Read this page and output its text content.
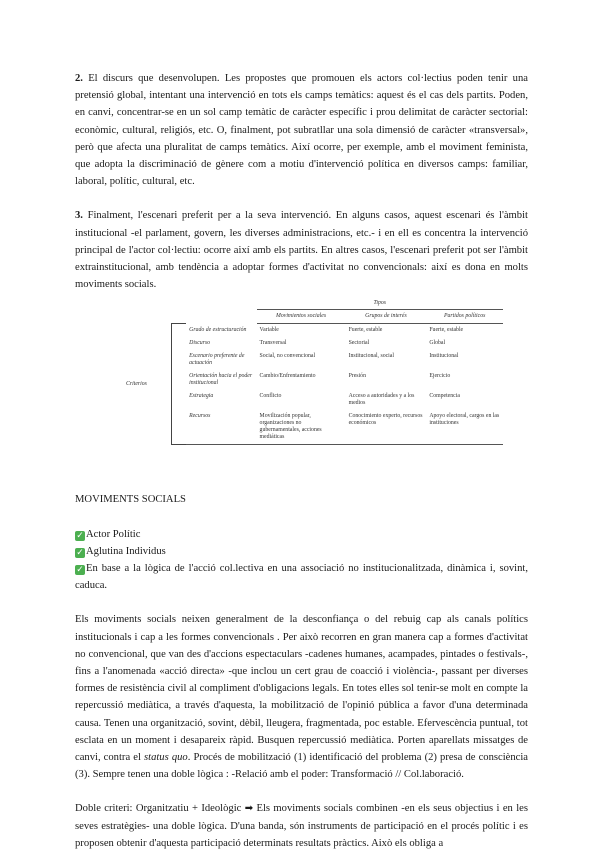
2. El discurs que desenvolupen. Les propostes que promouen els actors col·lectius poden tenir una pretensió global, intentant una intervenció en tots els camps temàtics: aquest és el cas dels partits. Poden, en canvi, concentrar-se en un sol camp temàtic de caràcter específic i prou delimitat de caràcter sectorial: econòmic, cultural, religiós, etc. O, finalment, pot subratllar una sola dimensió de caràcter «transversal», però que afecta una pluralitat de camps temàtics. Així ocorre, per exemple, amb el moviment feminista, que adopta la discriminació de gènere com a motiu d'intervenció política en diversos camps: familiar, laboral, polític, cultural, etc.

3. Finalment, l'escenari preferit per a la seva intervenció. En alguns casos, aquest escenari és l'àmbit institucional -el parlament, govern, les diverses administracions, etc.- i en ell es concentra la intervenció principal de l'actor col·lectiu: ocorre així amb els partits. En altres casos, l'escenari preferit pot ser l'àmbit extrainstitucional, amb tendència a adoptar formes d'activitat no convencionals: així es dona en molts moviments socials.

			Tipos		
			Movimientos sociales	Grupos de interés	Partidos políticos
Criterios		Grado de estructuración	Variable	Fuerte, estable	Fuerte, estable
		Discurso	Transversal	Sectorial	Global
		Escenario preferente de actuación	Social, no convencional	Institucional, social	Institucional
		Orientación hacia el poder institucional	Cambio/Enfrentamiento	Presión	Ejercicio
		Estrategia	Conflicto	Acceso a autoridades y a los medios	Competencia
		Recursos	Movilización popular, organizaciones no gubernamentales, acciones mediáticas	Conocimiento experto, recursos económicos	Apoyo electoral, cargos en las instituciones

MOVIMENTS SOCIALS

✓ Actor Polític

✓ Aglutina Individus

✓ En base a la lògica de l'acció col.lectiva en una associació no institucionalitzada, dinàmica i, sovint, caduca.

Els moviments socials neixen generalment de la desconfiança o del rebuig cap als canals polítics institucionals i cap a les formes convencionals . Per això recorren en gran manera cap a formes d'activitat no convencional, que van des d'accions espectaculars -cadenes humanes, acampades, pintades o festivals-, fins a l'anomenada «acció directa» -que inclou un cert grau de coacció i violència-, passant per diverses formes de resistència civil al compliment d'obligacions legals. En totes elles sol tenir-se molt en compte la repercussió mediàtica, a través d'aquesta, la mobilització de l'opinió pública a favor d'una determinada causa. Tenen una organització, sovint, dèbil, lleugera, fragmentada, poc estable. Efervescència puntual, tot esclata en un moment i desapareix ràpid. Busquen repercussió mediàtica. Porten aparellats missatges de canvi, contra el status quo. Procés de mobilització (1) identificació del problema (2) presa de consciència (3). Sempre tenen una doble lògica : -Relació amb el poder: Transformació // Col.laboració.

Doble criteri: Organitzatiu + Ideològic ➡ Els moviments socials combinen -en els seus objectius i en les seves estratègies- una doble lògica. D'una banda, són instruments de participació en el procés polític i es proposen obtenir d'aquesta participació determinats resultats pràctics. Això els obliga a
